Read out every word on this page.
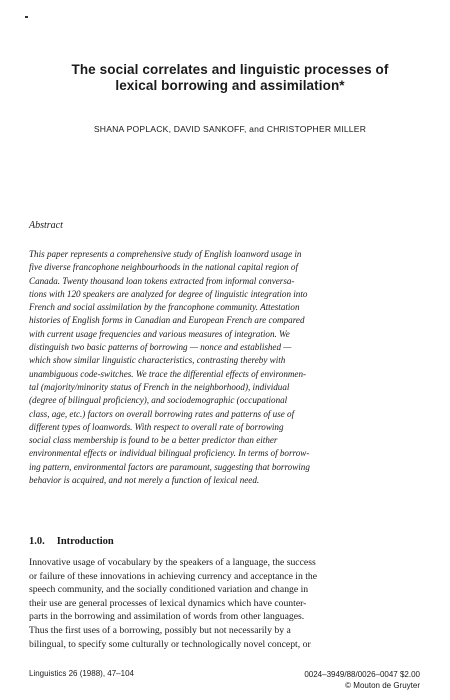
The social correlates and linguistic processes of
lexical borrowing and assimilation*
SHANA POPLACK, DAVID SANKOFF, and CHRISTOPHER MILLER
Abstract
This paper represents a comprehensive study of English loanword usage in
five diverse francophone neighbourhoods in the national capital region of
Canada. Twenty thousand loan tokens extracted from informal conversa-
tions with 120 speakers are analyzed for degree of linguistic integration into
French and social assimilation by the francophone community. Attestation
histories of English forms in Canadian and European French are compared
with current usage frequencies and various measures of integration. We
distinguish two basic patterns of borrowing — nonce and established —
which show similar linguistic characteristics, contrasting thereby with
unambiguous code-switches. We trace the differential effects of environmen-
tal (majority/minority status of French in the neighborhood), individual
(degree of bilingual proficiency), and sociodemographic (occupational
class, age, etc.) factors on overall borrowing rates and patterns of use of
different types of loanwords. With respect to overall rate of borrowing
social class membership is found to be a better predictor than either
environmental effects or individual bilingual proficiency. In terms of borrow-
ing pattern, environmental factors are paramount, suggesting that borrowing
behavior is acquired, and not merely a function of lexical need.
1.0. Introduction
Innovative usage of vocabulary by the speakers of a language, the success
or failure of these innovations in achieving currency and acceptance in the
speech community, and the socially conditioned variation and change in
their use are general processes of lexical dynamics which have counter-
parts in the borrowing and assimilation of words from other languages.
Thus the first uses of a borrowing, possibly but not necessarily by a
bilingual, to specify some culturally or technologically novel concept, or
Linguistics 26 (1988), 47–104	0024–3949/88/0026–0047 $2.00
© Mouton de Gruyter
